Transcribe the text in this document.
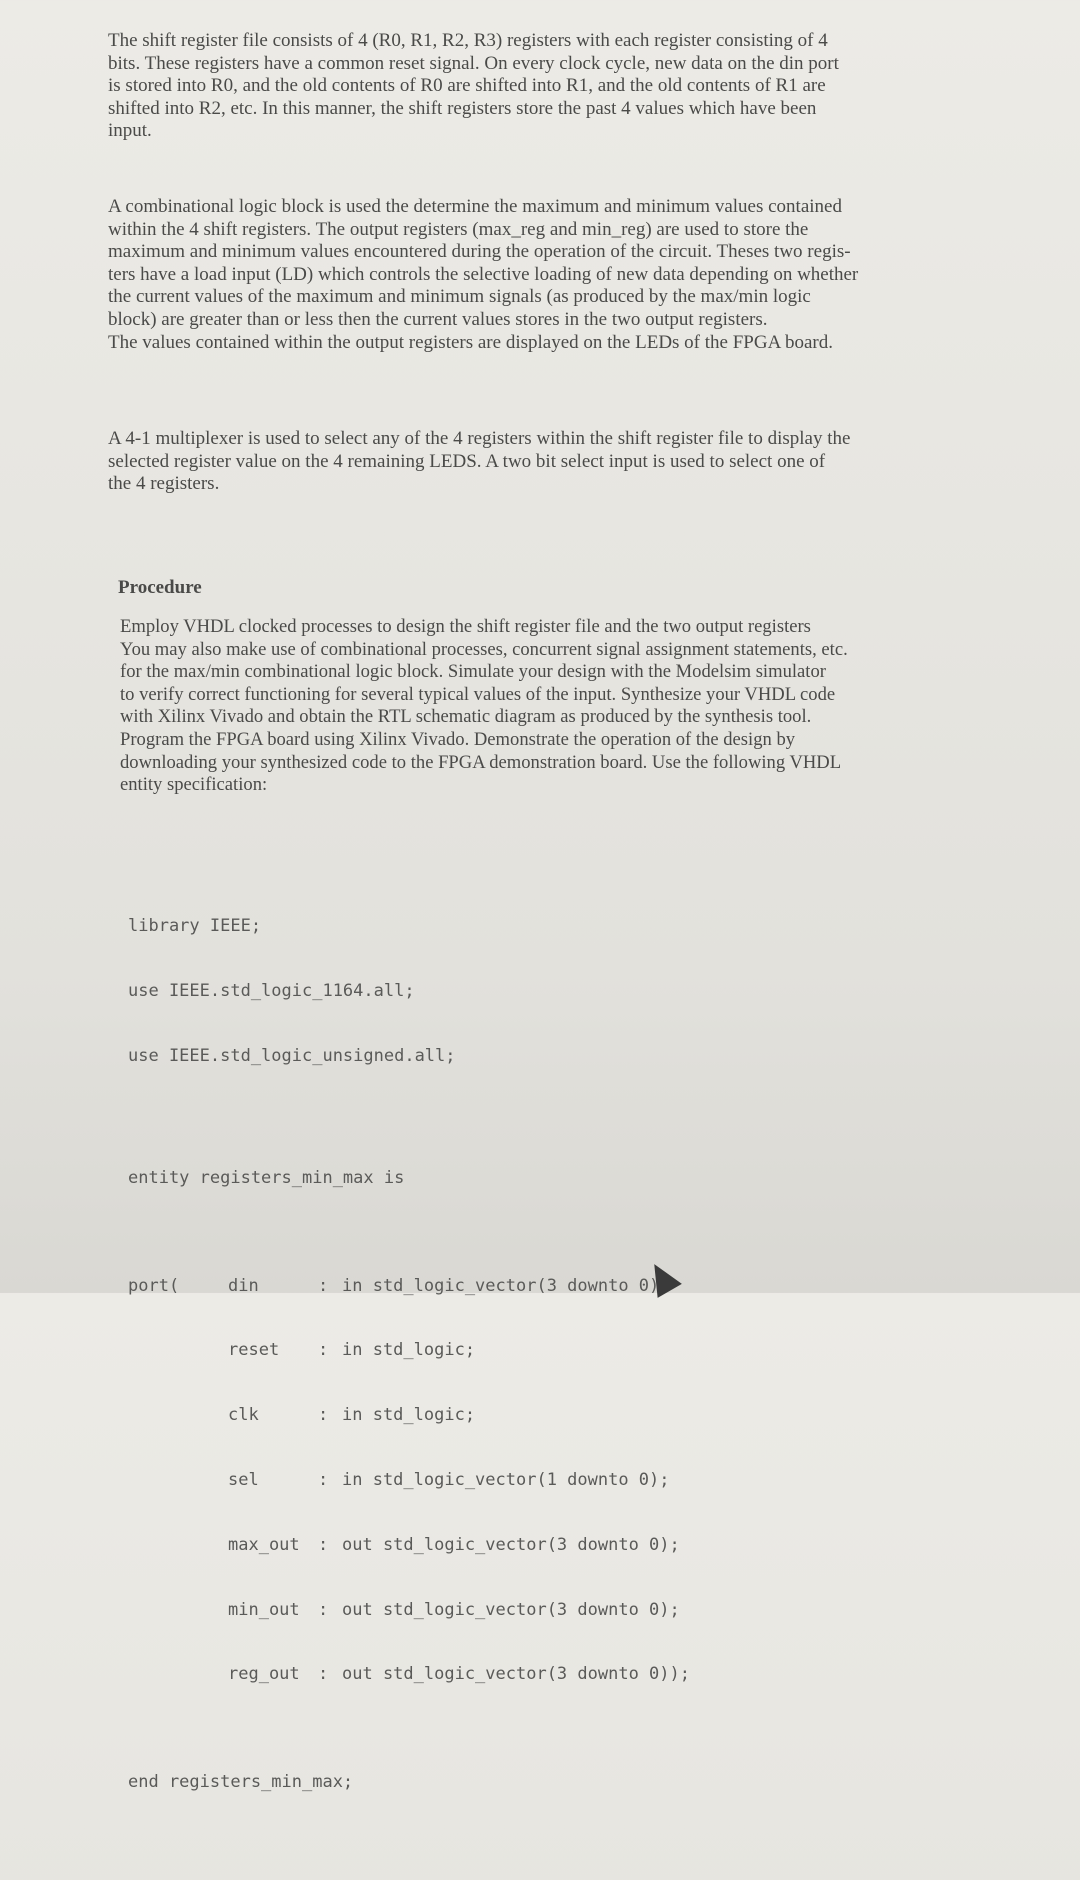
The shift register file consists of 4 (R0, R1, R2, R3) registers with each register consisting of 4
bits. These registers have a common reset signal. On every clock cycle, new data on the din port
is stored into R0, and the old contents of R0 are shifted into R1, and the old contents of R1 are
shifted into R2, etc. In this manner, the shift registers store the past 4 values which have been
input.

A combinational logic block is used the determine the maximum and minimum values contained
within the 4 shift registers. The output registers (max_reg and min_reg) are used to store the
maximum and minimum values encountered during the operation of the circuit. Theses two regis-
ters have a load input (LD) which controls the selective loading of new data depending on whether
the current values of the maximum and minimum signals (as produced by the max/min logic
block) are greater than or less then the current values stores in the two output registers.
The values contained within the output registers are displayed on the LEDs of the FPGA board.

A 4-1 multiplexer is used to select any of the 4 registers within the shift register file to display the
selected register value on the 4 remaining LEDS. A two bit select input is used to select one of
the 4 registers.

Procedure

Employ VHDL clocked processes to design the shift register file and the two output registers
You may also make use of combinational processes, concurrent signal assignment statements, etc.
for the max/min combinational logic block. Simulate your design with the Modelsim simulator
to verify correct functioning for several typical values of the input. Synthesize your VHDL code
with Xilinx Vivado and obtain the RTL schematic diagram as produced by the synthesis tool.
Program the FPGA board using Xilinx Vivado. Demonstrate the operation of the design by
downloading your synthesized code to the FPGA demonstration board. Use the following VHDL
entity specification:

library IEEE;

use IEEE.std_logic_1164.all;

use IEEE.std_logic_unsigned.all;

entity registers_min_max is

port(	din	: in std_logic_vector(3 downto 0);

reset : in std_logic;

clk	: in std_logic;

sel	: in std_logic_vector(1 downto 0);

max_out : out std_logic_vector(3 downto 0);

min_out : out std_logic_vector(3 downto 0);

reg_out : out std_logic_vector(3 downto 0));

end registers_min_max;
